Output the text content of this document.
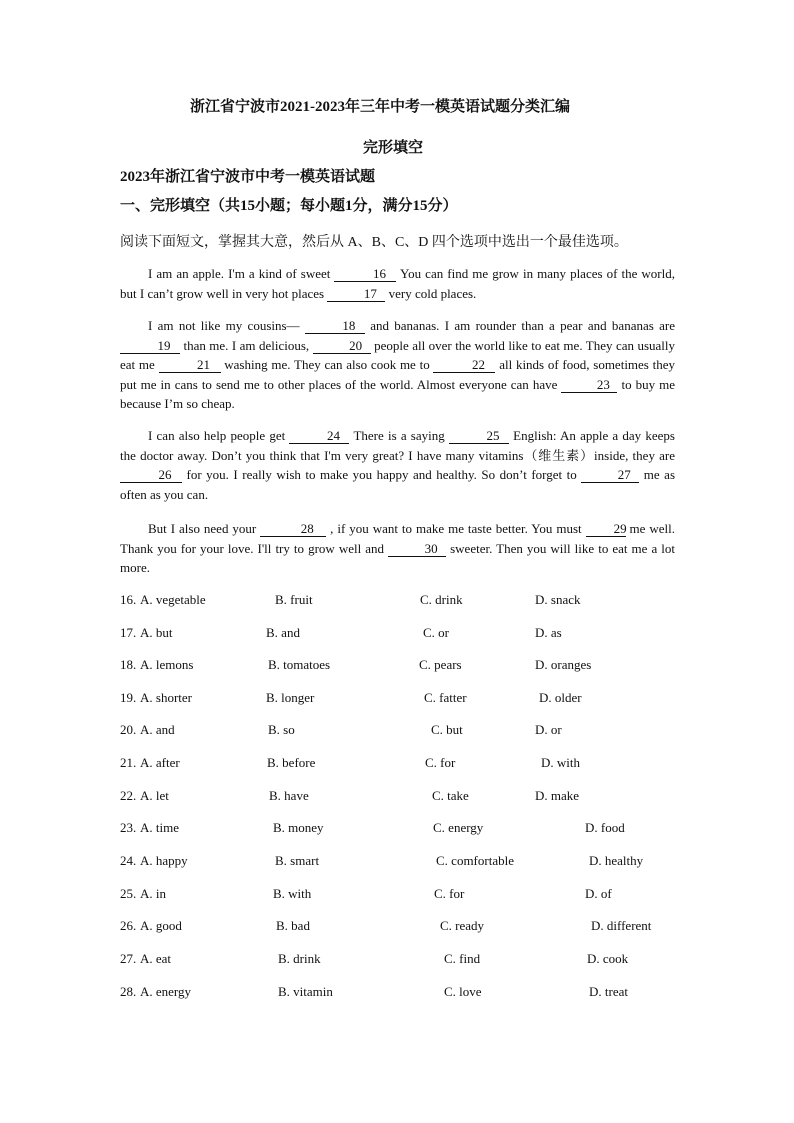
浙江省宁波市2021-2023年三年中考一模英语试题分类汇编
完形填空
2023年浙江省宁波市中考一模英语试题
一、完形填空（共15小题；每小题1分，满分15分）
阅读下面短文，掌握其大意，然后从 A、B、C、D 四个选项中选出一个最佳选项。

I am an apple. I'm a kind of sweet	16 You can find me grow in many places of the world, but I can’t grow well in very hot places	17 very cold places.

I am not like my cousins—	18 and bananas. I am rounder than a pear and bananas are 19 than me. I am delicious,	20 people all over the world like to eat me. They can usually eat me	21 washing me. They can also cook me to	22 all kinds of food, sometimes they put me in cans to send me to other places of the world. Almost everyone can have	23 to buy me because I’m so cheap.

I can also help people get	24 There is a saying	25 English: An apple a day keeps the doctor away. Don’t you think that I'm very great? I have many vitamins（维生素）inside, they are 26 for you. I really wish to make you happy and healthy. So don’t forget to	27 me as often as you can.

But I also need your	28 , if you want to make me taste better. You must 29 me well. Thank you for your love. I'll try to grow well and	30 sweeter. Then you will like to eat me a lot more.

16. A. vegetable	B. fruit	C. drink	D. snack
17. A. but	B. and	C. or	D. as
18. A. lemons	B. tomatoes	C. pears	D. oranges
19. A. shorter	B. longer	C. fatter	D. older
20. A. and	B. so	C. but	D. or
21. A. after	B. before	C. for	D. with
22. A. let	B. have	C. take	D. make
23. A. time	B. money	C. energy	D. food
24. A. happy	B. smart	C. comfortable	D. healthy
25. A. in	B. with	C. for	D. of
26. A. good	B. bad	C. ready	D. different
27. A. eat	B. drink	C. find	D. cook
28. A. energy	B. vitamin	C. love	D. treat
